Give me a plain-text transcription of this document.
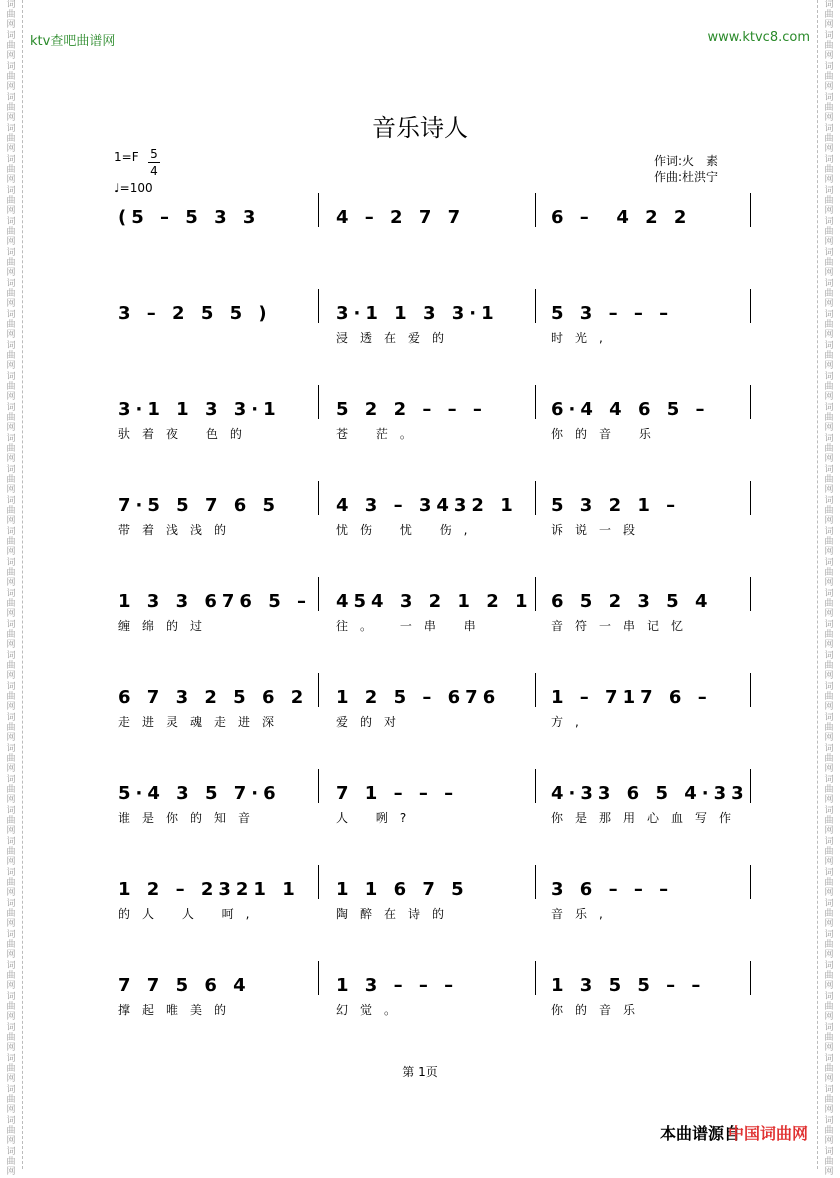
词
曲
网
词
曲
网
词
曲
网
词
曲
网
词
曲
网
词
曲
网
词
曲
网
词
曲
网
词
曲
网
词
曲
网
词
曲
网
词
曲
网
词
曲
网
词
曲
网
词
曲
网
词
曲
网
词
曲
网
词
曲
网
词
曲
网
词
曲
网
词
曲
网
词
曲
网
词
曲
网
词
曲
网
词
曲
网
词
曲
网
词
曲
网
词
曲
网
词
曲
网
词
曲
网
词
曲
网
词
曲
网
词
曲
网
词
曲
网
词
曲
网
词
曲
网
词
曲
网
词
曲
网
词
曲
网
词
曲
网
词
曲
网
词
曲
网
词
曲
网
词
曲
网
词
曲
网
词
曲
网
词
曲
网
词
曲
网
词
曲
网
词
曲
网
词
曲
网
词
曲
网
词
曲
网
词
曲
网
词
曲
网
词
曲
网
词
曲
网
词
曲
网
词
曲
网
词
曲
网
词
曲
网
词
曲
网
词
曲
网
词
曲
网
词
曲
网
词
曲
网
词
曲
网
词
曲
网
词
曲
网
词
曲
网
词
曲
网
词
曲
网
词
曲
网
词
曲
网
词
曲
网
词
曲
网
ktv查吧曲谱网	www.ktvc8.com
音乐诗人
1=F 5
4
♩=100
作词:火　素
作曲:杜洪宁
(5 – 5 3 3	4 – 2 7 7	6 –  4 2 2
3 – 2 5 5 )	3·1 1 3 3·1
浸透在爱的
5 3 – – –
时光,
3·1 1 3 3·1
驮着夜 色的
5 2 2 – – –
苍 茫。
6·4 4 6 5 –
你的音 乐
7·5 5 7 6 5
带着浅浅的
4 3 – 3432 1
忧伤 忧 伤,
5 3 2 1 –
诉说一段
1 3 3 676 5 –
缠绵的过
454 3 2 1 2 1
往。 一串 串
6 5 2 3 5 4
音符一串记忆
6 7 3 2 5 6 2
走进灵魂走进深
1 2 5 – 676
爱的对
1 – 717 6 –
方,
5·4 3 5 7·6
谁是你的知音
7 1 – – –
人 咧?
4·33 6 5 4·33
你是那用心血写作
1 2 – 2321 1
的人 人 呵,
1 1 6 7 5
陶醉在诗的
3 6 – – –
音乐,
7 7 5 6 4
撑起唯美的
1 3 – – –
幻觉。
1 3 5 5 – –
你的音乐
第 1页
本曲谱源自
中国词曲网
